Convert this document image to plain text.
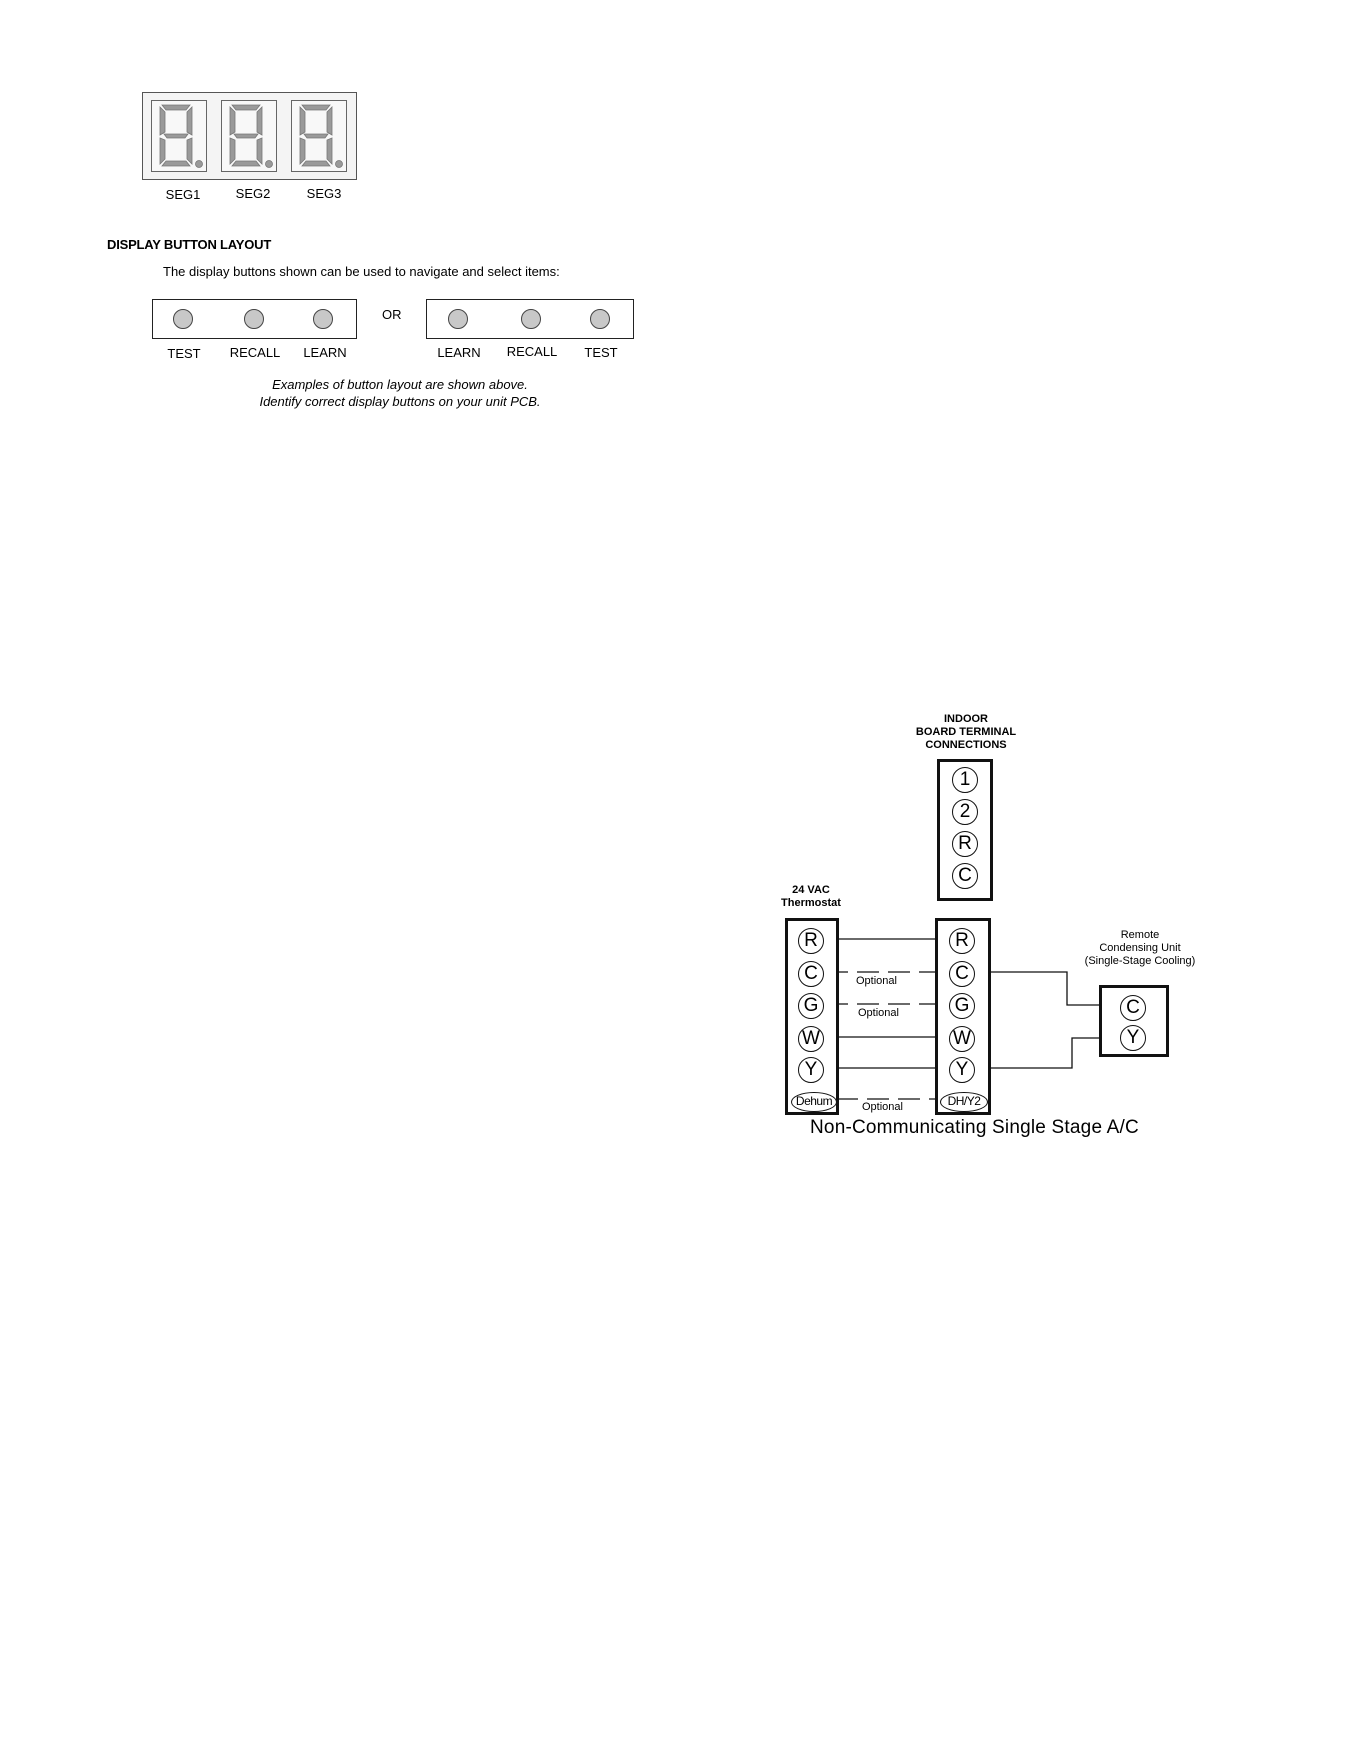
SEG1	SEG2	SEG3
DISPLAY BUTTON LAYOUT
The display buttons shown can be used to navigate and select items:
TEST	RECALL	LEARN
OR
LEARN	RECALL	TEST
Examples of button layout are shown above.
Identify correct display buttons on your unit PCB.
INDOOR
BOARD TERMINAL
CONNECTIONS
1
2
R
C
24 VAC
Thermostat
R
C
G
W
Y
Dehum
R
C
G
W
Y
DH/Y2
Optional
Optional
Optional
Remote
Condensing Unit
(Single-Stage Cooling)
C
Y
Non-Communicating Single Stage A/C
